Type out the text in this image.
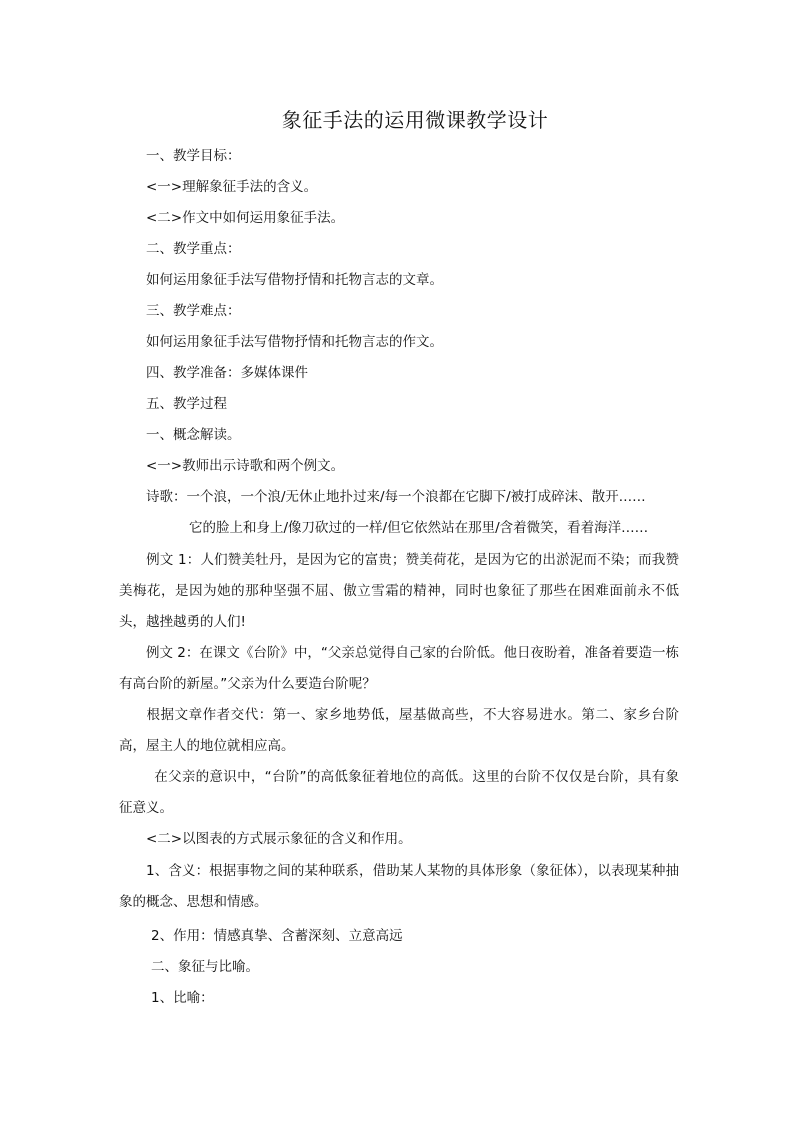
象征手法的运用微课教学设计
一、教学目标：
<一>理解象征手法的含义。
<二>作文中如何运用象征手法。
二、教学重点：
如何运用象征手法写借物抒情和托物言志的文章。
三、教学难点：
如何运用象征手法写借物抒情和托物言志的作文。
四、教学准备：多媒体课件
五、教学过程
一、概念解读。
<一>教师出示诗歌和两个例文。
诗歌：一个浪，一个浪/无休止地扑过来/每一个浪都在它脚下/被打成碎沫、散开……
它的脸上和身上/像刀砍过的一样/但它依然站在那里/含着微笑，看着海洋……
例文 1：人们赞美牡丹，是因为它的富贵；赞美荷花，是因为它的出淤泥而不染；而我赞美梅花，是因为她的那种坚强不屈、傲立雪霜的精神，同时也象征了那些在困难面前永不低头，越挫越勇的人们!
例文 2：在课文《台阶》中，“父亲总觉得自己家的台阶低。他日夜盼着，准备着要造一栋有高台阶的新屋。”父亲为什么要造台阶呢？
根据文章作者交代：第一、家乡地势低，屋基做高些，不大容易进水。第二、家乡台阶高，屋主人的地位就相应高。
在父亲的意识中，“台阶”的高低象征着地位的高低。这里的台阶不仅仅是台阶，具有象征意义。
<二>以图表的方式展示象征的含义和作用。
1、含义：根据事物之间的某种联系，借助某人某物的具体形象（象征体），以表现某种抽象的概念、思想和情感。
2、作用：情感真挚、含蓄深刻、立意高远
二、象征与比喻。
1、比喻：
